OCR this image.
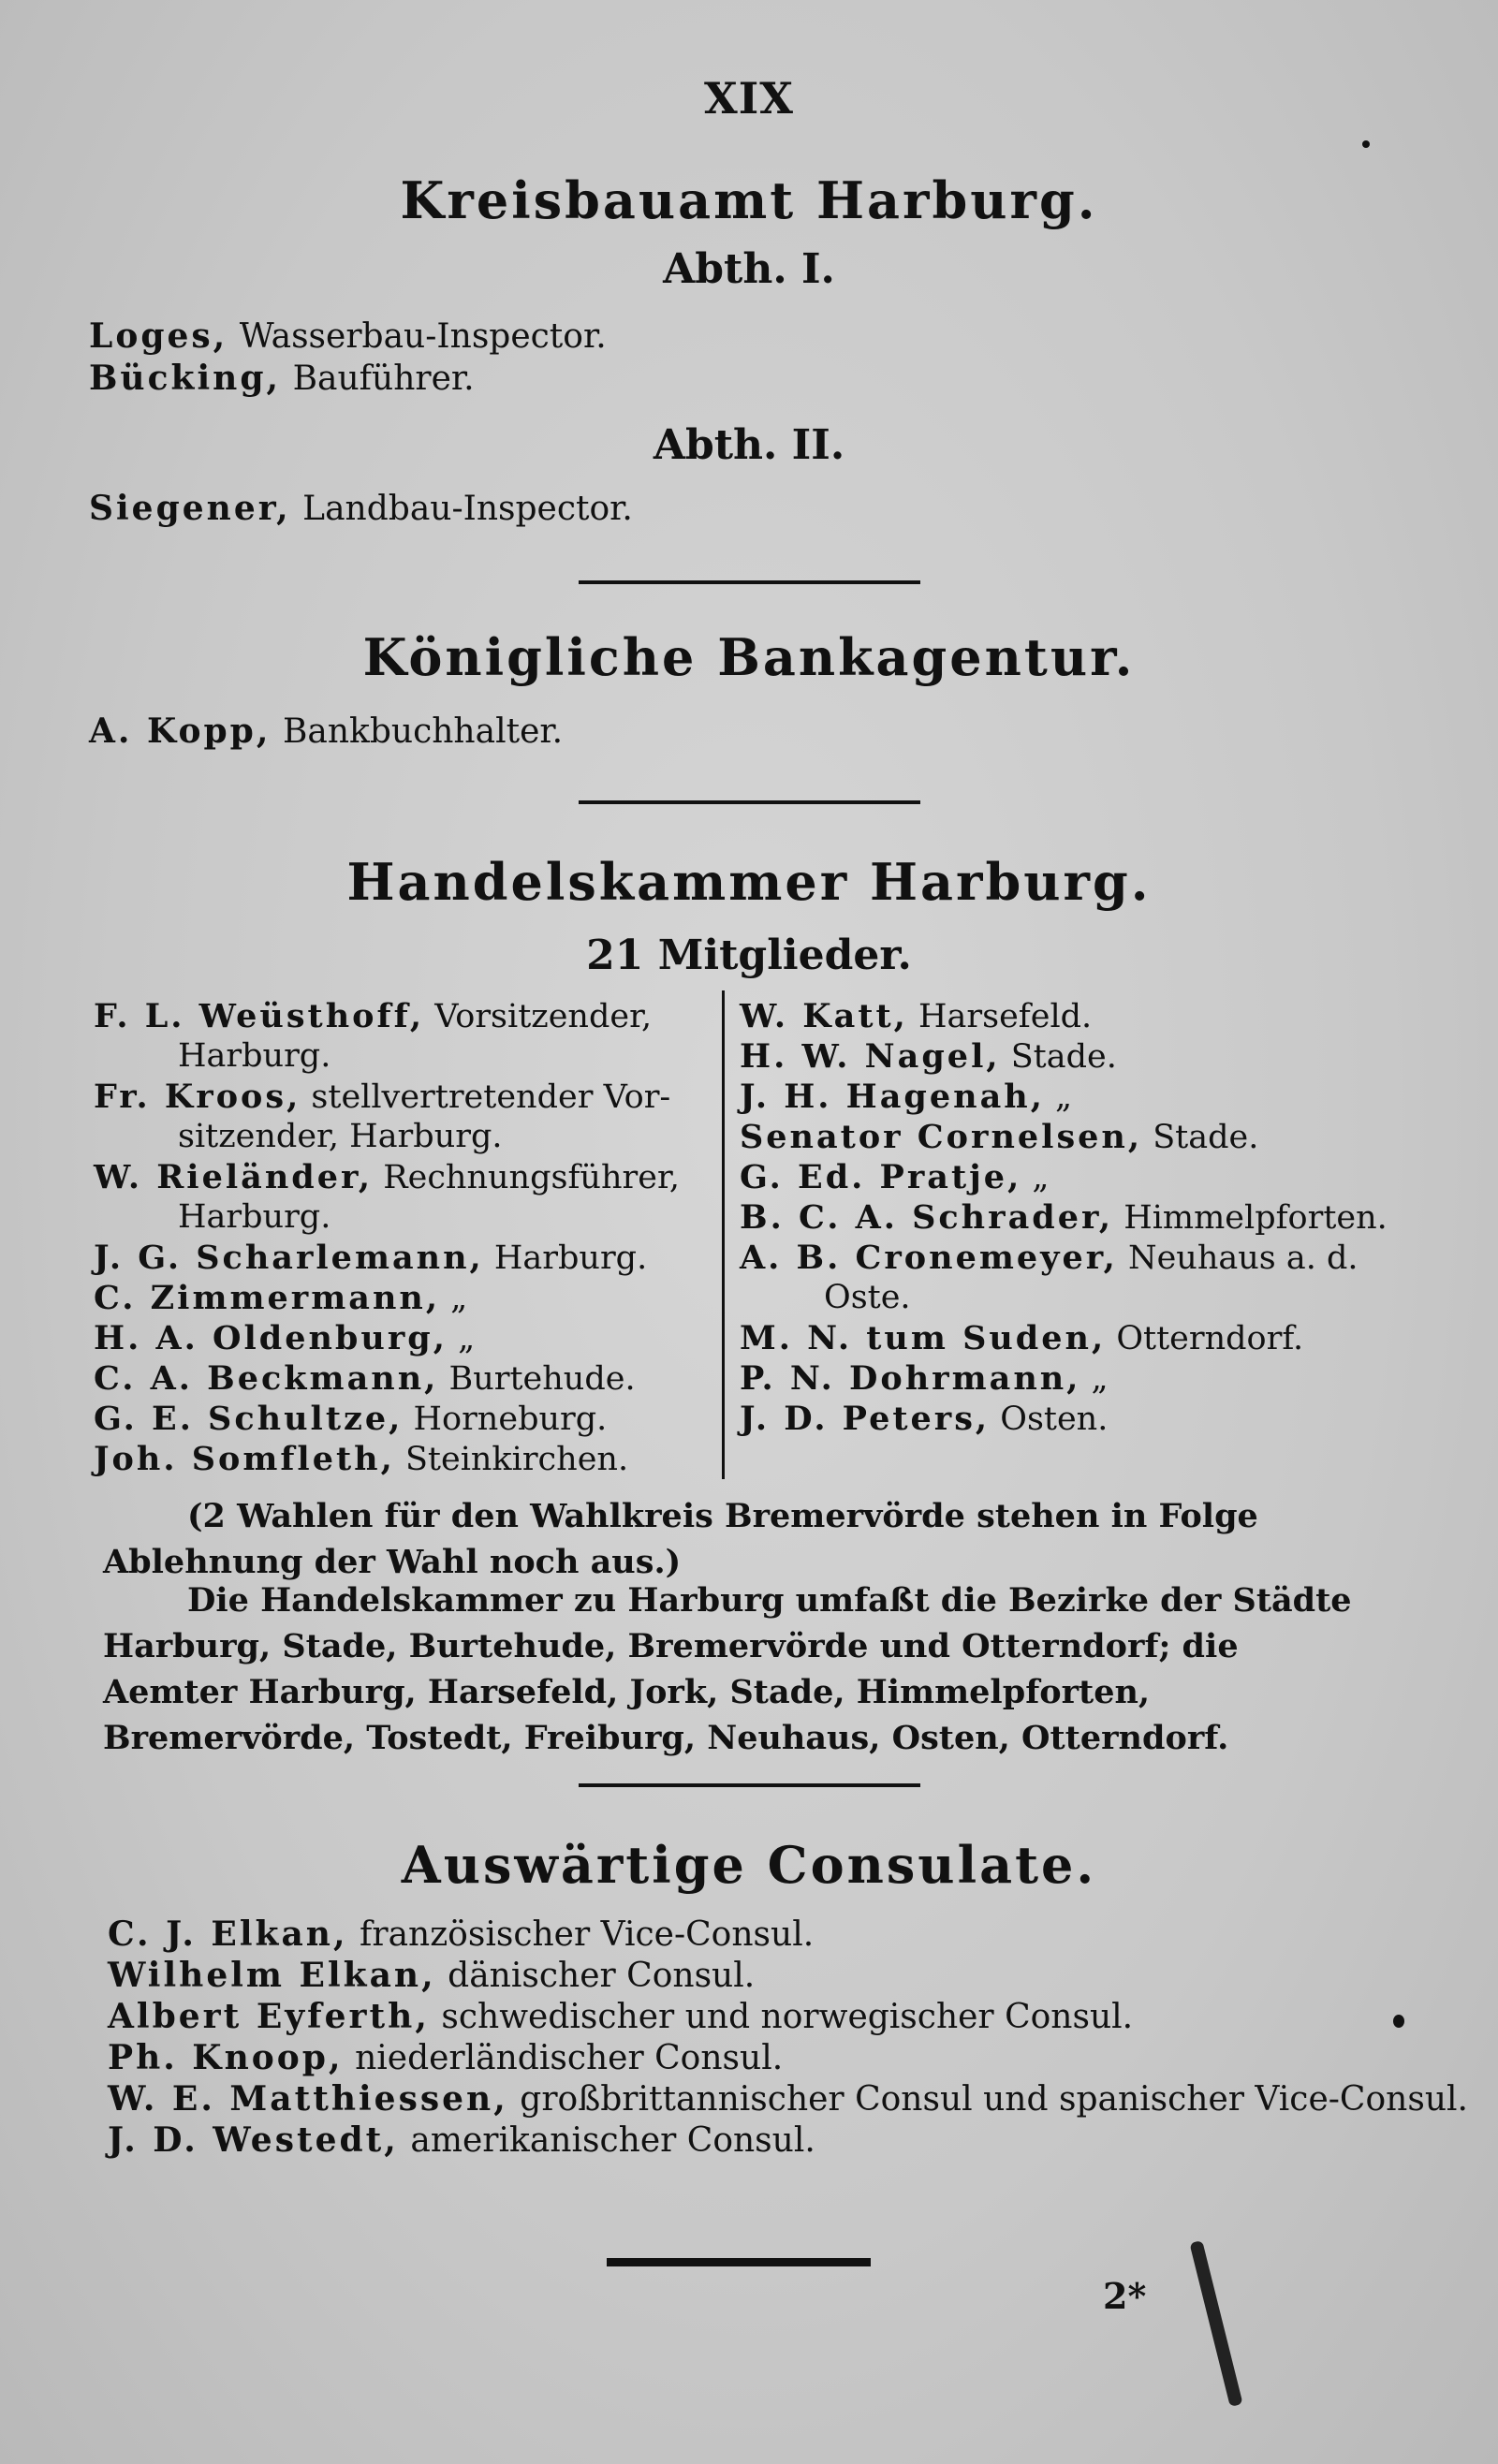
XIX
Kreisbauamt Harburg.
Abth. I.
Loges, Wasserbau-Inspector.
Bücking, Bauführer.
Abth. II.
Siegener, Landbau-Inspector.
Königliche Bankagentur.
A. Kopp, Bankbuchhalter.
Handelskammer Harburg.
21 Mitglieder.
F. L. Weüsthoff, Vorsitzender,
Harburg.
Fr. Kroos, stellvertretender Vor-
sitzender, Harburg.
W. Rieländer, Rechnungsführer,
Harburg.
J. G. Scharlemann, Harburg.
C. Zimmermann, „
H. A. Oldenburg, „
C. A. Beckmann, Burtehude.
G. E. Schultze, Horneburg.
Joh. Somfleth, Steinkirchen.
W. Katt, Harsefeld.
H. W. Nagel, Stade.
J. H. Hagenah, „
Senator Cornelsen, Stade.
G. Ed. Pratje, „
B. C. A. Schrader, Himmelpforten.
A. B. Cronemeyer, Neuhaus a. d.
Oste.
M. N. tum Suden, Otterndorf.
P. N. Dohrmann, „
J. D. Peters, Osten.
(2 Wahlen für den Wahlkreis Bremervörde stehen in Folge Ablehnung der Wahl noch aus.)
Die Handelskammer zu Harburg umfaßt die Bezirke der Städte Harburg, Stade, Burtehude, Bremervörde und Otterndorf; die Aemter Harburg, Harsefeld, Jork, Stade, Himmelpforten, Bremervörde, Tostedt, Freiburg, Neuhaus, Osten, Otterndorf.
Auswärtige Consulate.
C. J. Elkan, französischer Vice-Consul.
Wilhelm Elkan, dänischer Consul.
Albert Eyferth, schwedischer und norwegischer Consul.
Ph. Knoop, niederländischer Consul.
W. E. Matthiessen, großbrittannischer Consul und spanischer Vice-Consul.
J. D. Westedt, amerikanischer Consul.
2*
